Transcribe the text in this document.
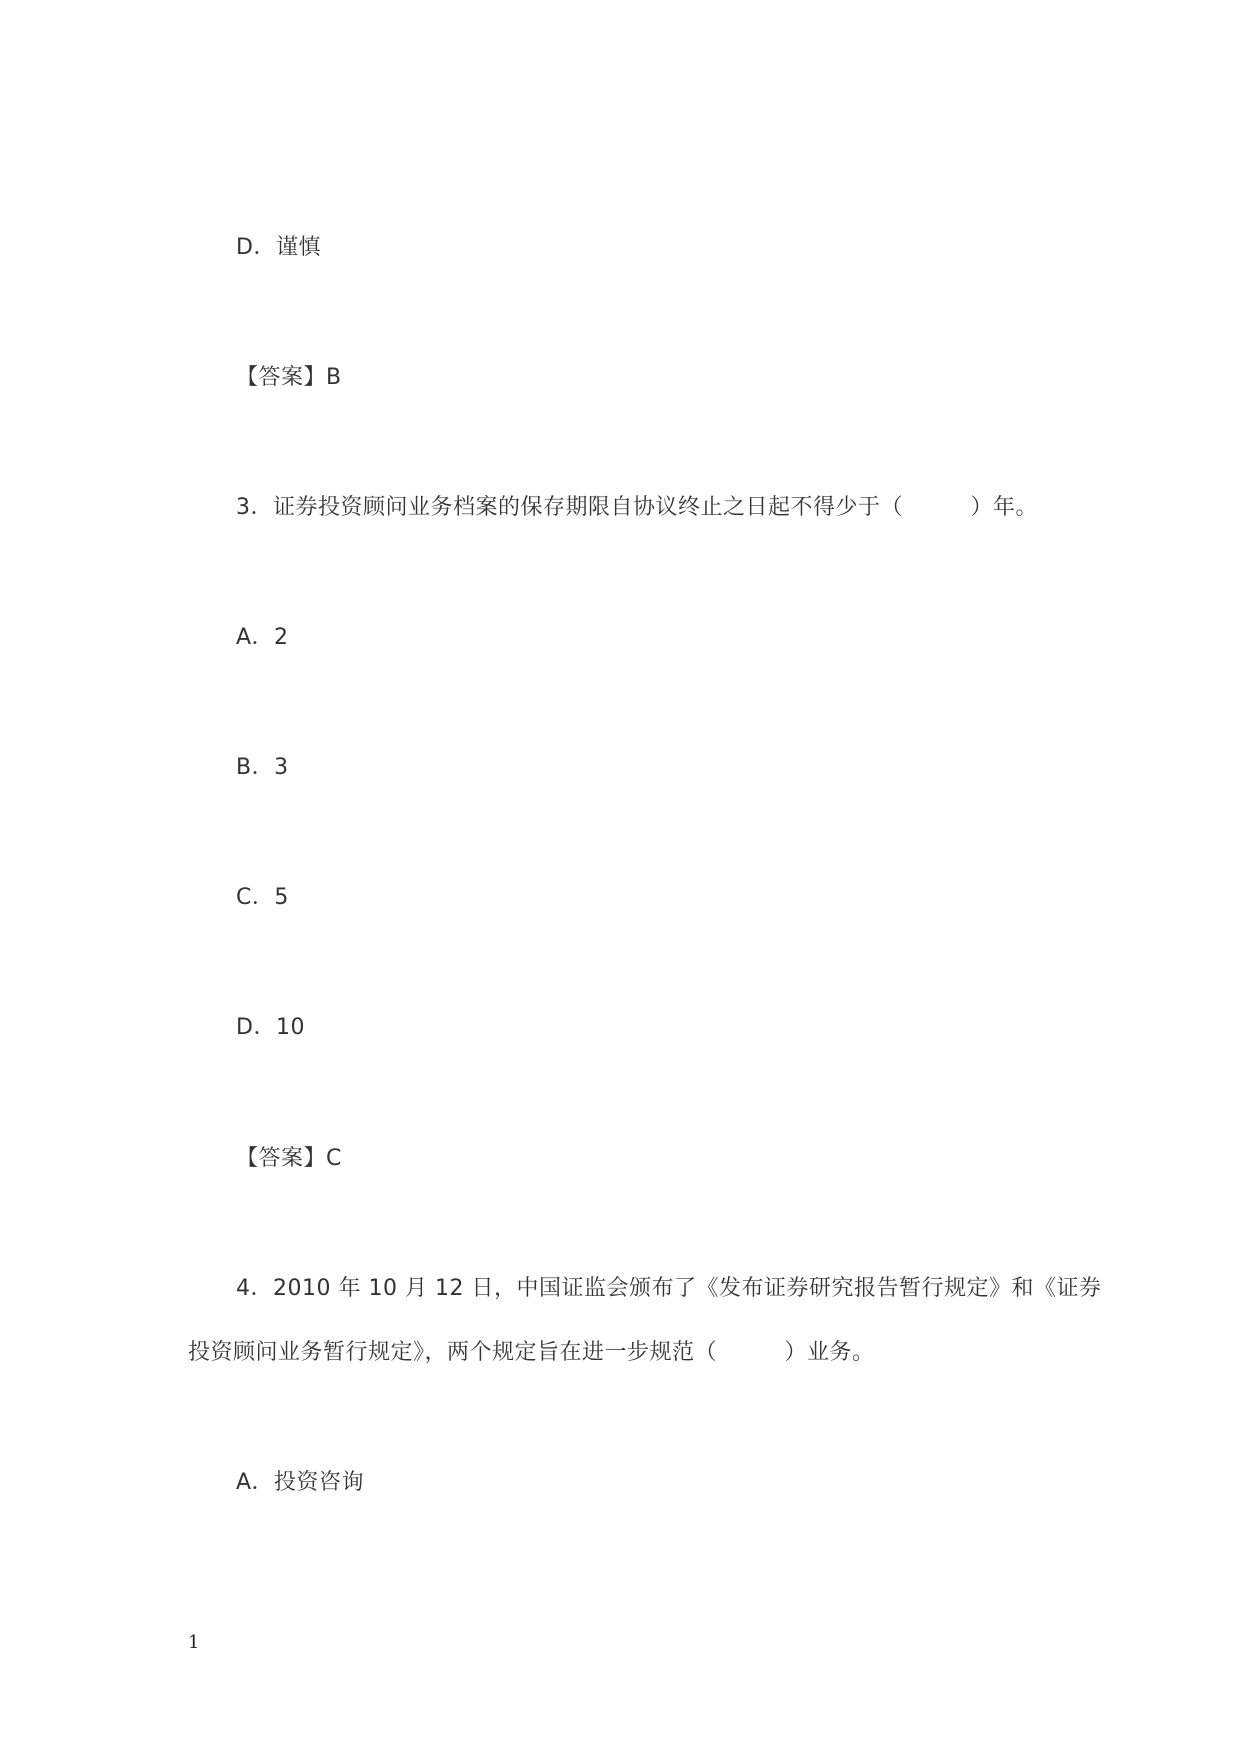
D．谨慎
【答案】B
3．证券投资顾问业务档案的保存期限自协议终止之日起不得少于（　　　）年。
A．2
B．3
C．5
D．10
【答案】C
4．2010 年 10 月 12 日，中国证监会颁布了《发布证券研究报告暂行规定》和《证券
投资顾问业务暂行规定》，两个规定旨在进一步规范（　　　）业务。
A．投资咨询
1
